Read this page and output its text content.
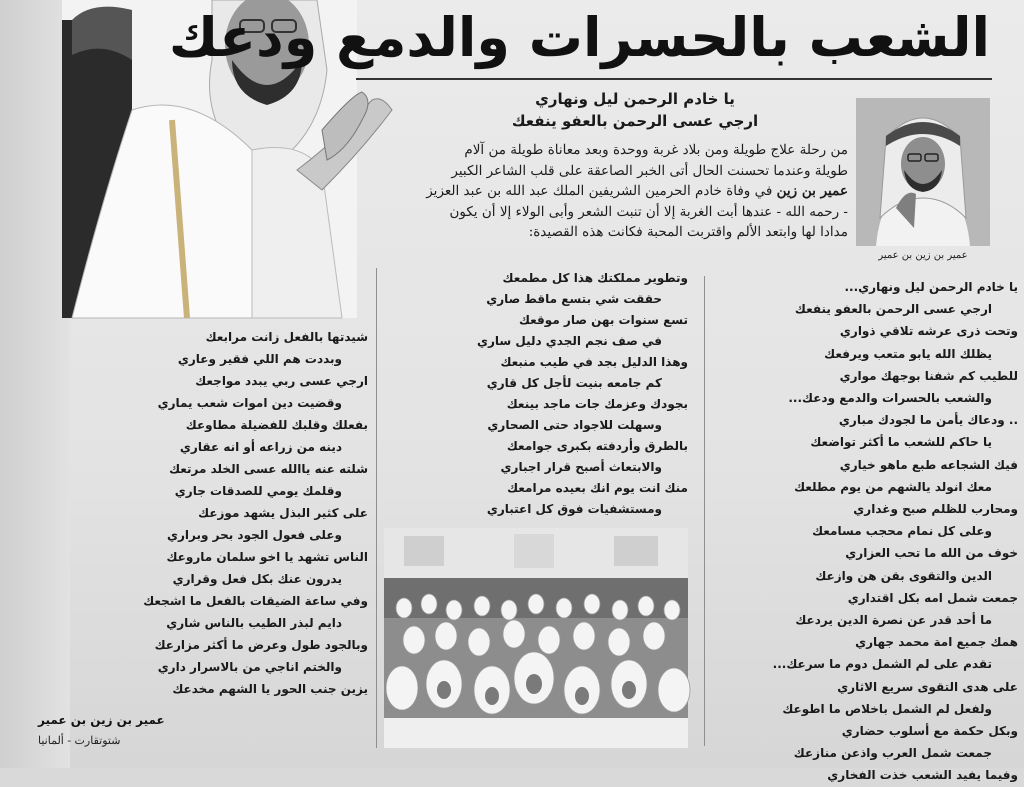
الشعب بالحسرات والدمع ودعك
يا خادم الرحمن ليل ونهاري
ارجي عسى الرحمن بالعفو ينفعك
من رحلة علاج طويلة ومن بلاد غربة ووحدة وبعد معاناة طويلة من آلام
طويلة وعندما تحسنت الحال أتى الخبر الصاعقة على قلب الشاعر الكبير
عمير بن زين في وفاة خادم الحرمين الشريفين الملك عبد الله بن عبد العزيز
- رحمه الله - عندها أبت الغربة إلا أن تنبت الشعر وأبى الولاء إلا أن يكون
مدادا لها وابتعد الألم واقتربت المحبة فكانت هذه القصيدة:
عمير بن زين بن عمير
يا خادم الرحمن ليل ونهاري...
ارجي عسى الرحمن بالعفو ينفعك
وتحت ذرى عرشه تلاقي ذواري
يظلك الله يابو متعب ويرفعك
للطيب كم شفنا بوجهك مواري
والشعب بالحسرات والدمع ودعك...
.. ودعاك يأمن ما لجودك مباري
يا حاكم للشعب ما أكثر تواضعك
فيك الشجاعه طبع ماهو خياري
معك انولد يالشهم من يوم مطلعك
ومحارب للظلم صبح وغداري
وعلى كل نمام محجب مسامعك
خوف من الله ما تحب العزاري
الدين والتقوى بقن هن وازعك
جمعت شمل امه بكل اقتداري
ما أحد قدر عن نصرة الدين يردعك
همك جميع امة محمد جهاري
تقدم على لم الشمل دوم ما سرعك...
على هدى التقوى سريع الاثاري
ولفعل لم الشمل باخلاص ما اطوعك
وبكل حكمة مع أسلوب حضاري
جمعت شمل العرب واذعن منازعك
وفيما يفيد الشعب خذت الفخاري
وتطوير مملكتك هذا كل مطمعك
حققت شي بتسع ماقط صاري
تسع سنوات بهن صار موقعك
في صف نجم الجدي دليل ساري
وهذا الدليل بجد في طيب منبعك
كم جامعه بنيت لأجل كل قاري
بجودك وعزمك جات ماجد بينعك
وسهلت للاجواد حتى الصحاري
بالطرق وأردفته بكبرى جوامعك
والابتعاث أصبح قرار اجباري
منك انت يوم انك بعيده مرامعك
ومستشفيات فوق كل اعتباري
شيدتها بالفعل زانت مرابعك
وبددت هم اللي فقير وعاري
ارجي عسى ربي يبدد مواجعك
وقضيت دين اموات شعب يماري
بفعلك وقلبك للفضيلة مطاوعك
دينه من زراعه أو انه عقاري
شلته عنه ياالله عسى الخلد مرتعك
وقلمك يومي للصدقات جاري
على كثير البذل يشهد موزعك
وعلى فعول الجود بحر وبراري
الناس تشهد يا اخو سلمان ماروعك
يدرون عنك بكل فعل وقراري
وفي ساعة الضيقات بالفعل ما اشجعك
دايم لبذر الطيب بالناس شاري
وبالجود طول وعرض ما أكثر مزارعك
والختم اناجي من بالاسرار داري
يزين جنب الحور يا الشهم مخدعك
عمير بن زين بن عمير
شتوتقارت - ألمانيا
